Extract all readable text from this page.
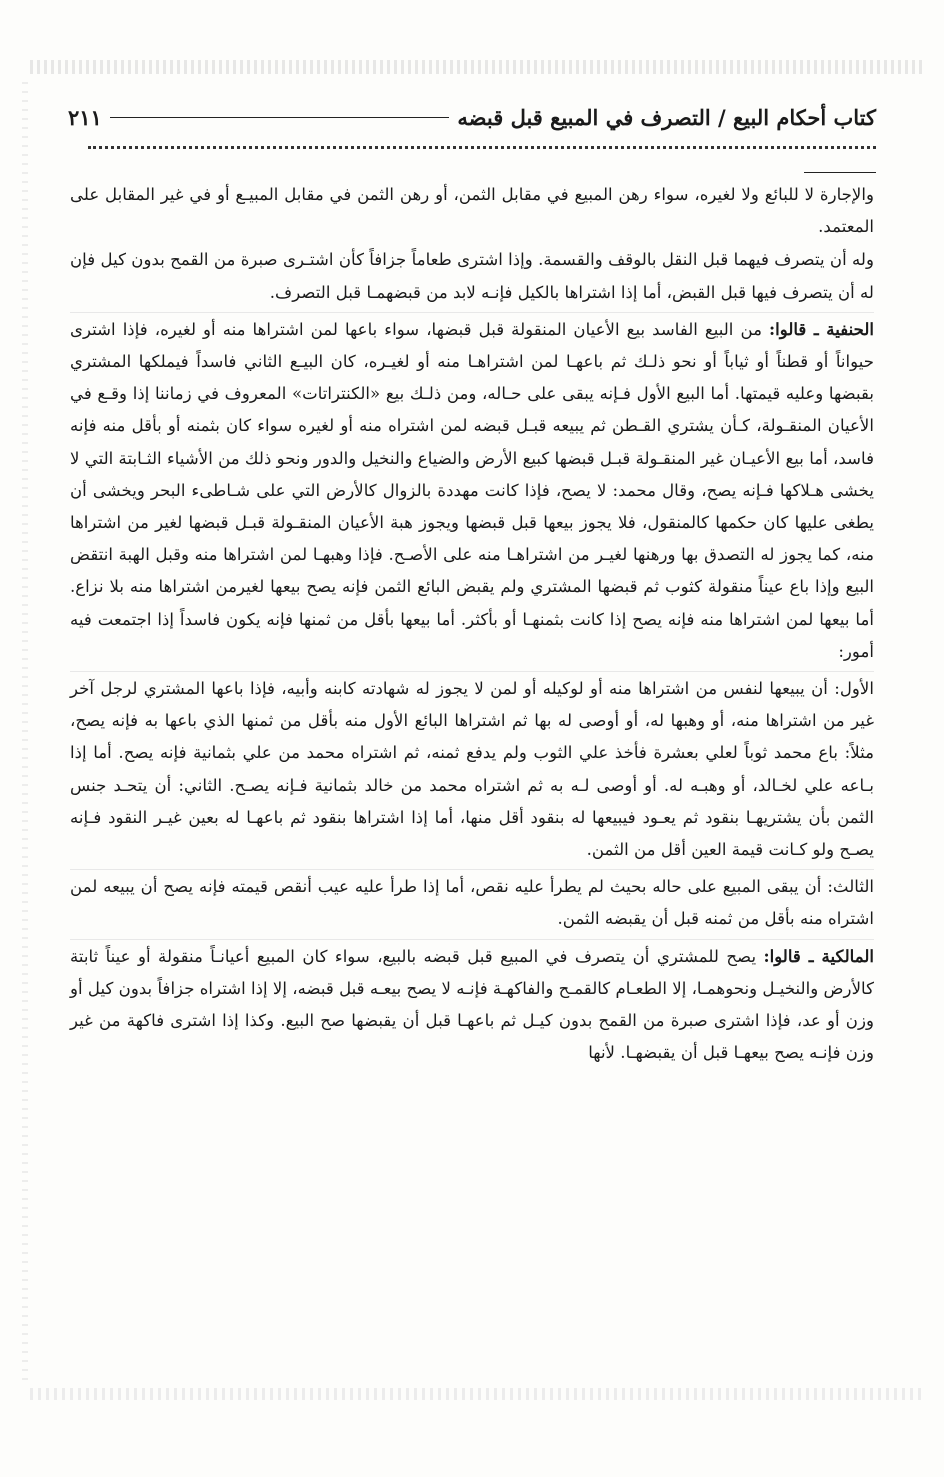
كتاب أحكام البيع / التصرف في المبيع قبل قبضه
٢١١

والإجارة لا للبائع ولا لغيره، سواء رهن المبيع في مقابل الثمن، أو رهن الثمن في مقابل المبيـع أو في غير المقابل على المعتمد.

وله أن يتصرف فيهما قبل النقل بالوقف والقسمة. وإذا اشترى طعاماً جزافاً كأن اشتـرى صبرة من القمح بدون كيل فإن له أن يتصرف فيها قبل القبض، أما إذا اشتراها بالكيل فإنـه لابد من قبضهمـا قبل التصرف.

الحنفية ـ قالوا: من البيع الفاسد بيع الأعيان المنقولة قبل قبضها، سواء باعها لمن اشتراها منه أو لغيره، فإذا اشترى حيواناً أو قطناً أو ثياباً أو نحو ذلـك ثم باعهـا لمن اشتراهـا منه أو لغيـره، كان البيـع الثاني فاسداً فيملكها المشتري بقبضها وعليه قيمتها. أما البيع الأول فـإنه يبقى على حـاله، ومن ذلـك بيع «الكنتراتات» المعروف في زماننا إذا وقـع في الأعيان المنقـولة، كـأن يشتري القـطن ثم يبيعه قبـل قبضه لمن اشتراه منه أو لغيره سواء كان بثمنه أو بأقل منه فإنه فاسد، أما بيع الأعيـان غير المنقـولة قبـل قبضها كبيع الأرض والضياع والنخيل والدور ونحو ذلك من الأشياء الثـابتة التي لا يخشى هـلاكها فـإنه يصح، وقال محمد: لا يصح، فإذا كانت مهددة بالزوال كالأرض التي على شـاطىء البحر ويخشى أن يطغى عليها كان حكمها كالمنقول، فلا يجوز بيعها قبل قبضها ويجوز هبة الأعيان المنقـولة قبـل قبضها لغير من اشتراها منه، كما يجوز له التصدق بها ورهنها لغيـر من اشتراهـا منه على الأصـح. فإذا وهبهـا لمن اشتراها منه وقبل الهبة انتقض البيع وإذا باع عيناً منقولة كثوب ثم قبضها المشتري ولم يقبض البائع الثمن فإنه يصح بيعها لغيرمن اشتراها منه بلا نزاع. أما بيعها لمن اشتراها منه فإنه يصح إذا كانت بثمنهـا أو بأكثر. أما بيعها بأقل من ثمنها فإنه يكون فاسداً إذا اجتمعت فيه أمور:

الأول: أن يبيعها لنفس من اشتراها منه أو لوكيله أو لمن لا يجوز له شهادته كابنه وأبيه، فإذا باعها المشتري لرجل آخر غير من اشتراها منه، أو وهبها له، أو أوصى له بها ثم اشتراها البائع الأول منه بأقل من ثمنها الذي باعها به فإنه يصح، مثلاً: باع محمد ثوباً لعلي بعشرة فأخذ علي الثوب ولم يدفع ثمنه، ثم اشتراه محمد من علي بثمانية فإنه يصح. أما إذا بـاعه علي لخـالد، أو وهبـه له. أو أوصى لـه به ثم اشتراه محمد من خالد بثمانية فـإنه يصـح. الثاني: أن يتحـد جنس الثمن بأن يشتريهـا بنقود ثم يعـود فيبيعها له بنقود أقل منها، أما إذا اشتراها بنقود ثم باعهـا له بعين غيـر النقود فـإنه يصـح ولو كـانت قيمة العين أقل من الثمن.

الثالث: أن يبقى المبيع على حاله بحيث لم يطرأ عليه نقص، أما إذا طرأ عليه عيب أنقص قيمته فإنه يصح أن يبيعه لمن اشتراه منه بأقل من ثمنه قبل أن يقبضه الثمن.

المالكية ـ قالوا: يصح للمشتري أن يتصرف في المبيع قبل قبضه بالبيع، سواء كان المبيع أعيانـاً منقولة أو عيناً ثابتة كالأرض والنخيـل ونحوهمـا، إلا الطعـام كالقمـح والفاكهـة فإنـه لا يصح بيعـه قبل قبضه، إلا إذا اشتراه جزافاً بدون كيل أو وزن أو عد، فإذا اشترى صبرة من القمح بدون كيـل ثم باعهـا قبل أن يقبضها صح البيع. وكذا إذا اشترى فاكهة من غير وزن فإنـه يصح بيعهـا قبل أن يقبضهـا. لأنها
